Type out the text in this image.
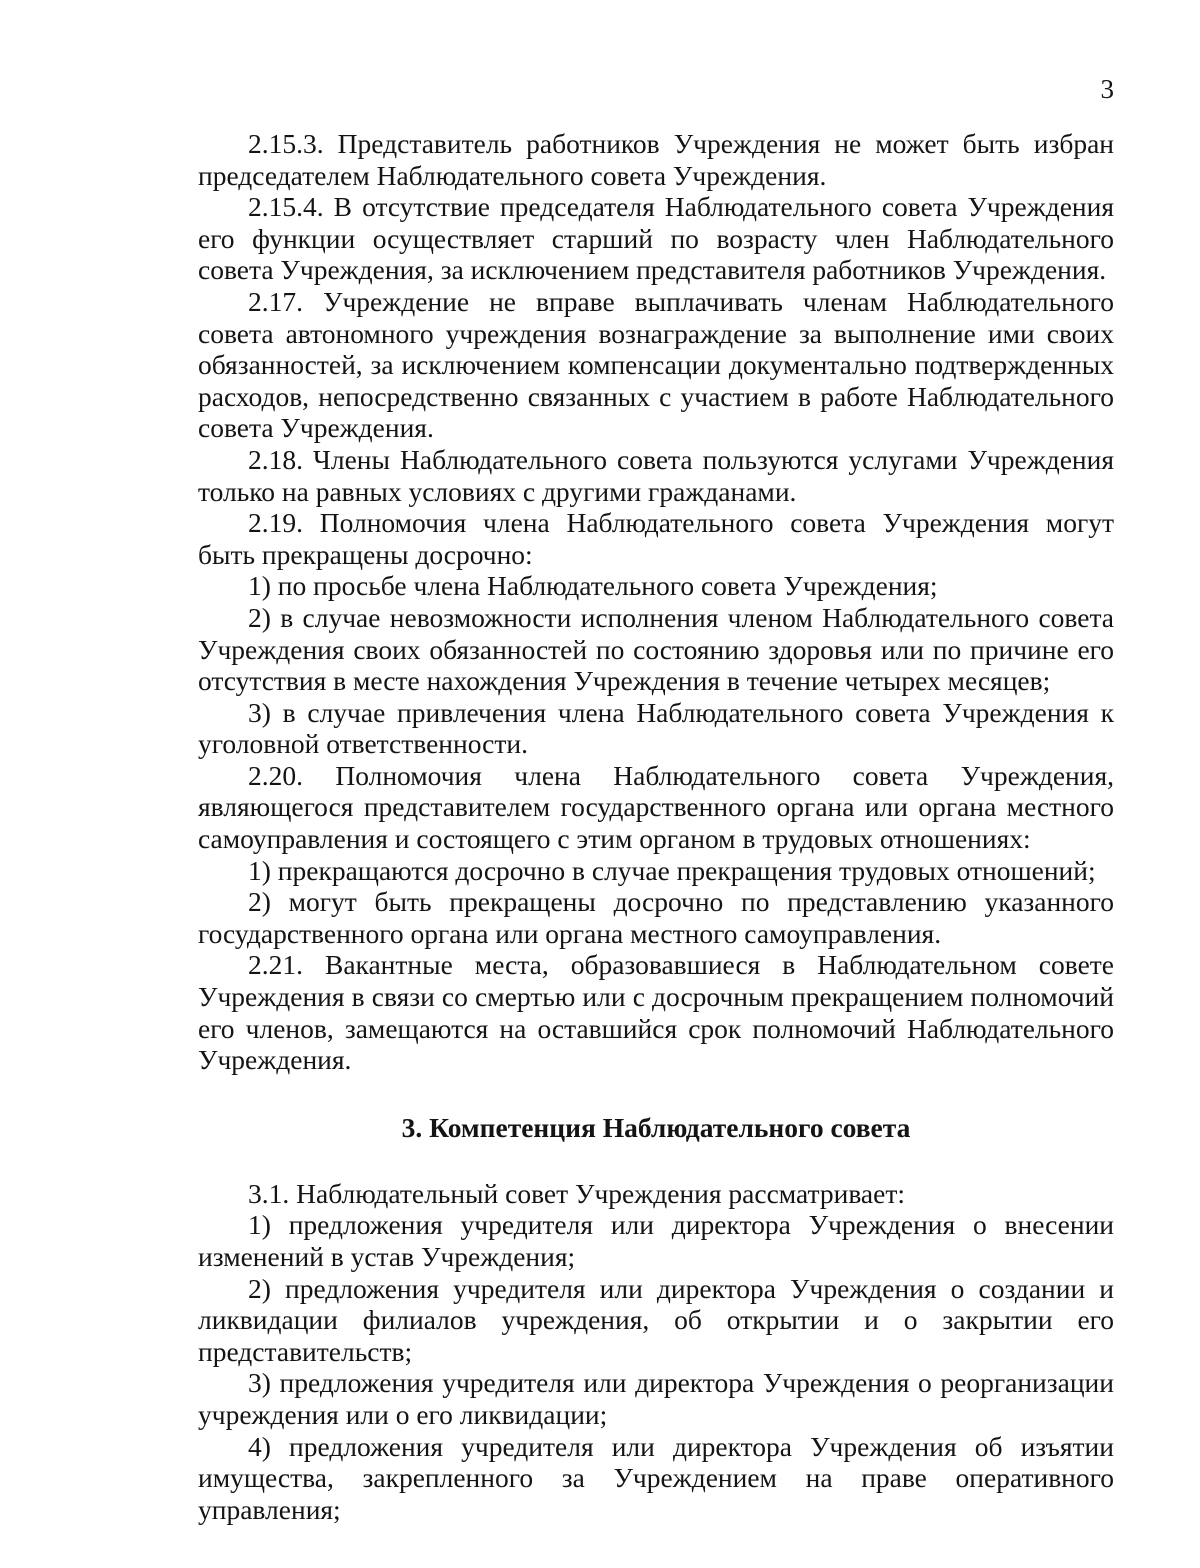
3

2.15.3. Представитель работников Учреждения не может быть избран председателем Наблюдательного совета Учреждения.

2.15.4. В отсутствие председателя Наблюдательного совета Учреждения его функции осуществляет старший по возрасту член Наблюдательного совета Учреждения, за исключением представителя работников Учреждения.

2.17. Учреждение не вправе выплачивать членам Наблюдательного совета автономного учреждения вознаграждение за выполнение ими своих обязанностей, за исключением компенсации документально подтвержденных расходов, непосредственно связанных с участием в работе Наблюдательного совета Учреждения.

2.18. Члены Наблюдательного совета пользуются услугами Учреждения только на равных условиях с другими гражданами.

2.19. Полномочия члена Наблюдательного совета Учреждения могут быть прекращены досрочно:

1) по просьбе члена Наблюдательного совета Учреждения;

2) в случае невозможности исполнения членом Наблюдательного совета Учреждения своих обязанностей по состоянию здоровья или по причине его отсутствия в месте нахождения Учреждения в течение четырех месяцев;

3) в случае привлечения члена Наблюдательного совета Учреждения к уголовной ответственности.

2.20. Полномочия члена Наблюдательного совета Учреждения, являющегося представителем государственного органа или органа местного самоуправления и состоящего с этим органом в трудовых отношениях:

1) прекращаются досрочно в случае прекращения трудовых отношений;

2) могут быть прекращены досрочно по представлению указанного государственного органа или органа местного самоуправления.

2.21. Вакантные места, образовавшиеся в Наблюдательном совете Учреждения в связи со смертью или с досрочным прекращением полномочий его членов, замещаются на оставшийся срок полномочий Наблюдательного Учреждения.

3. Компетенция Наблюдательного совета

3.1. Наблюдательный совет Учреждения рассматривает:

1) предложения учредителя или директора Учреждения о внесении изменений в устав Учреждения;

2) предложения учредителя или директора Учреждения о создании и ликвидации филиалов учреждения, об открытии и о закрытии его представительств;

3) предложения учредителя или директора Учреждения о реорганизации учреждения или о его ликвидации;

4) предложения учредителя или директора Учреждения об изъятии имущества, закрепленного за Учреждением на праве оперативного управления;
